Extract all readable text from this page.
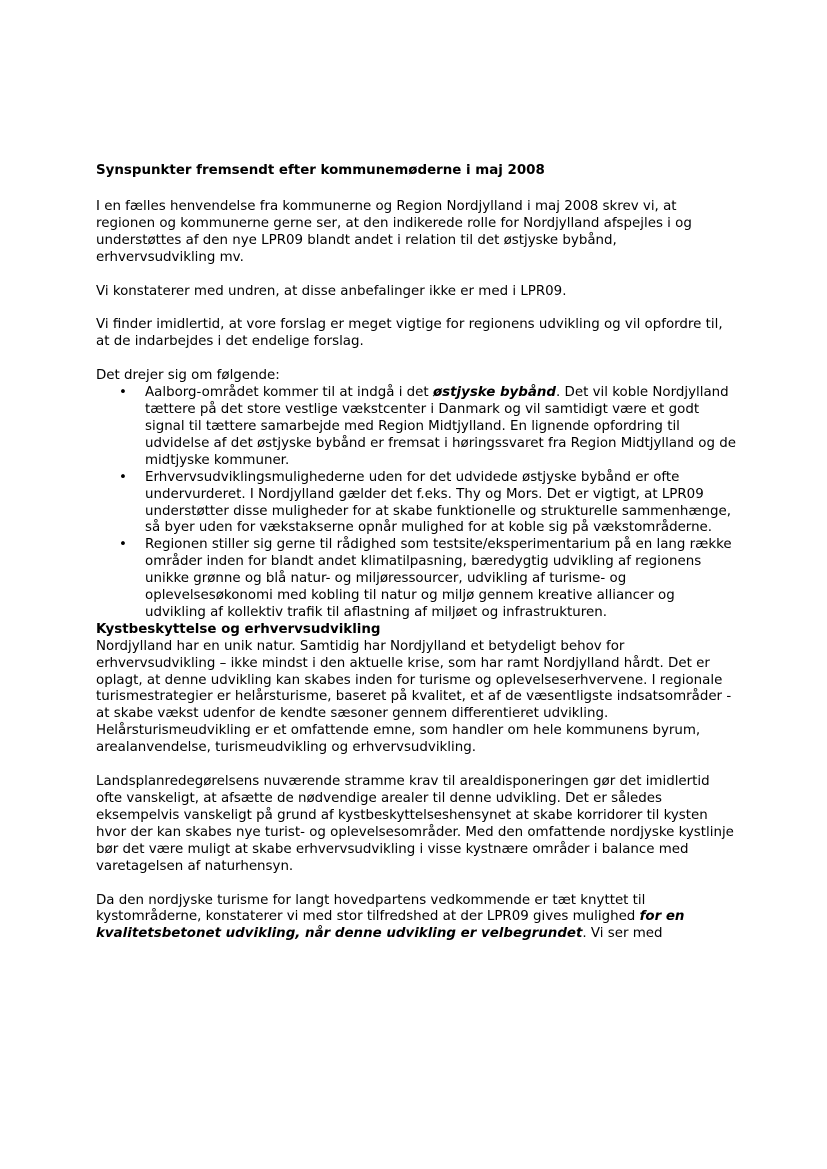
Synspunkter fremsendt efter kommunemøderne i maj 2008

I en fælles henvendelse fra kommunerne og Region Nordjylland i maj 2008 skrev vi, at regionen og kommunerne gerne ser, at den indikerede rolle for Nordjylland afspejles i og understøttes af den nye LPR09 blandt andet i relation til det østjyske bybånd, erhvervsudvikling mv.

Vi konstaterer med undren, at disse anbefalinger ikke er med i LPR09.

Vi finder imidlertid, at vore forslag er meget vigtige for regionens udvikling og vil opfordre til, at de indarbejdes i det endelige forslag.

Det drejer sig om følgende:

• Aalborg-området kommer til at indgå i det østjyske bybånd. Det vil koble Nordjylland tættere på det store vestlige vækstcenter i Danmark og vil samtidigt være et godt signal til tættere samarbejde med Region Midtjylland. En lignende opfordring til udvidelse af det østjyske bybånd er fremsat i høringssvaret fra Region Midtjylland og de midtjyske kommuner.
• Erhvervsudviklingsmulighederne uden for det udvidede østjyske bybånd er ofte undervurderet. I Nordjylland gælder det f.eks. Thy og Mors. Det er vigtigt, at LPR09 understøtter disse muligheder for at skabe funktionelle og strukturelle sammenhænge, så byer uden for vækstakserne opnår mulighed for at koble sig på vækstområderne.
• Regionen stiller sig gerne til rådighed som testsite/eksperimentarium på en lang række områder inden for blandt andet klimatilpasning, bæredygtig udvikling af regionens unikke grønne og blå natur- og miljøressourcer, udvikling af turisme- og oplevelsesøkonomi med kobling til natur og miljø gennem kreative alliancer og udvikling af kollektiv trafik til aflastning af miljøet og infrastrukturen.

Kystbeskyttelse og erhvervsudvikling

Nordjylland har en unik natur. Samtidig har Nordjylland et betydeligt behov for erhvervsudvikling – ikke mindst i den aktuelle krise, som har ramt Nordjylland hårdt. Det er oplagt, at denne udvikling kan skabes inden for turisme og oplevelseserhvervene. I regionale turismestrategier er helårsturisme, baseret på kvalitet, et af de væsentligste indsatsområder - at skabe vækst udenfor de kendte sæsoner gennem differentieret udvikling. Helårsturismeudvikling er et omfattende emne, som handler om hele kommunens byrum, arealanvendelse, turismeudvikling og erhvervsudvikling.

Landsplanredegørelsens nuværende stramme krav til arealdisponeringen gør det imidlertid ofte vanskeligt, at afsætte de nødvendige arealer til denne udvikling. Det er således eksempelvis vanskeligt på grund af kystbeskyttelseshensynet at skabe korridorer til kysten hvor der kan skabes nye turist- og oplevelsesområder. Med den omfattende nordjyske kystlinje bør det være muligt at skabe erhvervsudvikling i visse kystnære områder i balance med varetagelsen af naturhensyn.

Da den nordjyske turisme for langt hovedpartens vedkommende er tæt knyttet til kystområderne, konstaterer vi med stor tilfredshed at der LPR09 gives mulighed for en kvalitetsbetonet udvikling, når denne udvikling er velbegrundet. Vi ser med
